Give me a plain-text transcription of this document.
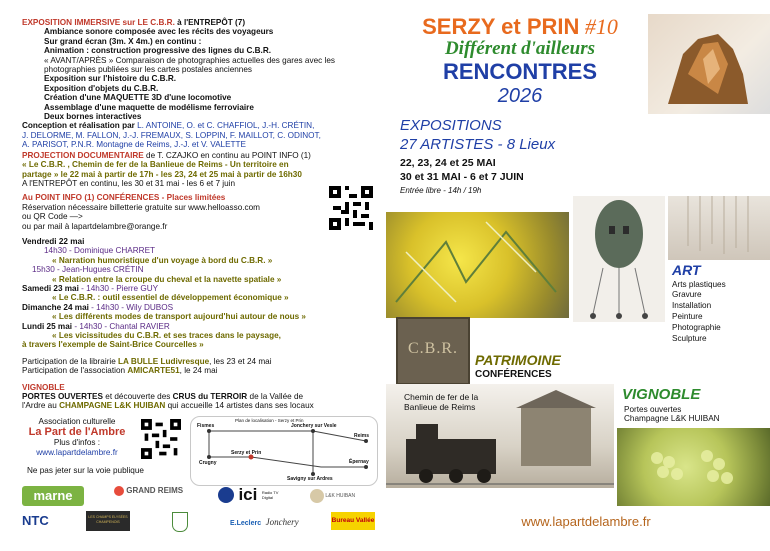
EXPOSITION IMMERSIVE sur LE C.B.R. à l'ENTREPÔT (7)
Ambiance sonore composée avec les récits des voyageurs
Sur grand écran (3m. X 4m.) en continu :
Animation : construction progressive des lignes du C.B.R.
« AVANT/APRÈS » Comparaison de photographies actuelles des gares avec les
photographies publiées sur les cartes postales anciennes
Exposition sur l'histoire du C.B.R.
Exposition d'objets du C.B.R.
Création d'une MAQUETTE 3D d'une locomotive
Assemblage d'une maquette de modélisme ferroviaire
Deux bornes interactives
Conception et réalisation par L. ANTOINE, O. et C. CHAFFIOL, J.-H. CRÉTIN,
J. DELORME, M. FALLON, J.-J. FREMAUX, S. LOPPIN, F. MAILLOT, C. ODINOT,
A. PARISOT, P.N.R. Montagne de Reims, J.-J. et V. VALETTE
PROJECTION DOCUMENTAIRE de T. CZAJKO en continu au POINT INFO (1)
« Le C.B.R. , Chemin de fer de la Banlieue de Reims - Un territoire en
partage » le 22 mai à partir de 17h - les 23, 24 et 25 mai à partir de 16h30
A l'ENTREPÔT en continu, les 30 et 31 mai - les 6 et 7 juin
Au POINT INFO (1) CONFÉRENCES - Places limitées
Réservation nécessaire billetterie gratuite sur www.helloasso.com
ou QR Code —>
ou par mail à lapartdelambre@orange.fr
Vendredi 22 mai
14h30 - Dominique CHARRET
« Narration humoristique d'un voyage à bord du C.B.R. »
15h30 - Jean-Hugues CRÉTIN
« Relation entre la croupe du cheval et la navette spatiale »
Samedi 23 mai - 14h30 - Pierre GUY
« Le C.B.R. : outil essentiel de développement économique »
Dimanche 24 mai - 14h30 - Wily DUBOS
« Les différents modes de transport aujourd'hui autour de nous »
Lundi 25 mai - 14h30 - Chantal RAVIER
« Les vicissitudes du C.B.R. et ses traces dans le paysage,
à travers l'exemple de Saint-Brice Courcelles »
Participation de la librairie LA BULLE Ludivresque, les 23 et 24 mai
Participation de l'association AMICARTE51, le 24 mai
VIGNOBLE
PORTES OUVERTES et découverte des CRUS du TERROIR de la Vallée de
l'Ardre au CHAMPAGNE L&K HUIBAN qui accueille 14 artistes dans ses locaux
Association culturelle
La Part de l'Ambre
Plus d'infos :
www.lapartdelambre.fr
Ne pas jeter sur la voie publique
Plan de localisation - Serzy et Prin
Fismes	Jonchery sur Vesle
Reims
Crugny
Serzy et Prin
Épernay
Savigny sur Ardres
marne	GRAND REIMS	ici Radio TV Digital	L&K HUIBAN
NTC	LES CHAMPS ELYSÉES CHAMPENOIS	E.Leclerc Jonchery	Bureau Vallée
SERZY et PRIN #10
Différent d'ailleurs
RENCONTRES
2026
EXPOSITIONS
27 ARTISTES - 8 Lieux
22, 23, 24 et 25 MAI
30 et 31 MAI - 6 et 7 JUIN
Entrée libre - 14h / 19h
ART
Arts plastiques
Gravure
Installation
Peinture
Photographie
Sculpture
C.B.R.
PATRIMOINE
CONFÉRENCES
Chemin de fer de la
Banlieue de Reims
VIGNOBLE
Portes ouvertes
Champagne L&K HUIBAN
www.lapartdelambre.fr
